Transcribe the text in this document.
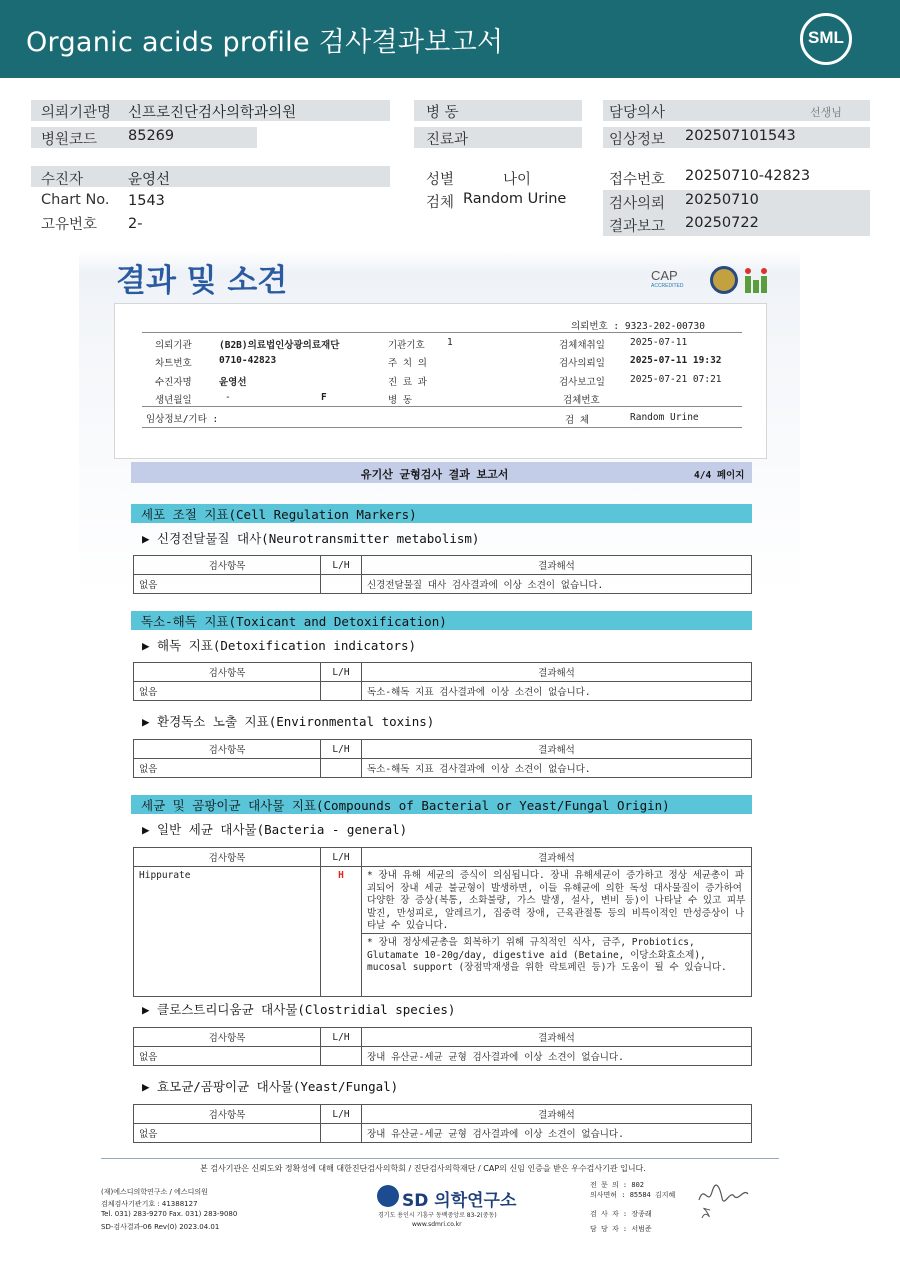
Organic acids profile 검사결과보고서	SML
의뢰기관명 신프로진단검사의학과의원
병원코드 85269
수진자	윤영선
Chart No. 1543
고유번호 2-
병 동
진료과
성별	나이
검체 Random Urine
담당의사	선생님
임상정보 202507101543
접수번호 20250710-42823
검사의뢰 20250710
결과보고 20250722
결과 및 소견	CAP
ACCREDITED
의뢰번호 : 9323-202-00730
의뢰기관	(B2B)의료법인상광의료재단	기관기호 1	검체채취일	2025-07-11
차트번호	0710-42823	주 치 의	검사의뢰일	2025-07-11 19:32
수진자명	윤영선	진 료 과	검사보고일	2025-07-21 07:21
생년월일	-	F	병 동	검체번호
임상정보/기타 :	검 체	Random Urine
유기산 균형검사 결과 보고서	4/4 페이지
세포 조절 지표(Cell Regulation Markers)
▶ 신경전달물질 대사(Neurotransmitter metabolism)
검사항목	L/H	결과해석
없음		신경전달물질 대사 검사결과에 이상 소견이 없습니다.
독소-해독 지표(Toxicant and Detoxification)
▶ 해독 지표(Detoxification indicators)
검사항목	L/H	결과해석
없음		독소-해독 지표 검사결과에 이상 소견이 없습니다.
▶ 환경독소 노출 지표(Environmental toxins)
검사항목	L/H	결과해석
없음		독소-해독 지표 검사결과에 이상 소견이 없습니다.
세균 및 곰팡이균 대사물 지표(Compounds of Bacterial or Yeast/Fungal Origin)
▶ 일반 세균 대사물(Bacteria - general)
검사항목	L/H	결과해석
Hippurate	H	* 장내 유해 세균의 증식이 의심됩니다. 장내 유해세균이 증가하고 정상 세균총이 파괴되어 장내 세균 불균형이 발생하면, 이들 유해균에 의한 독성 대사물질이 증가하여 다양한 장 증상(복통, 소화불량, 가스 발생, 설사, 변비 등)이 나타날 수 있고 피부발진, 만성피로, 알레르기, 집중력 장애, 근육관절통 등의 비특이적인 만성증상이 나타날 수 있습니다.
		* 장내 정상세균총을 회복하기 위해 규칙적인 식사, 금주, Probiotics, Glutamate 10-20g/day, digestive aid (Betaine, 이당소화효소제), mucosal support (장점막재생을 위한 락토페린 등)가 도움이 될 수 있습니다.
▶ 클로스트리디움균 대사물(Clostridial species)
검사항목	L/H	결과해석
없음		장내 유산균-세균 균형 검사결과에 이상 소견이 없습니다.
▶ 효모균/곰팡이균 대사물(Yeast/Fungal)
검사항목	L/H	결과해석
없음		장내 유산균-세균 균형 검사결과에 이상 소견이 없습니다.
본 검사기관은 신뢰도와 정확성에 대해 대한진단검사의학회 / 진단검사의학재단 / CAP의 신임 인증을 받은 우수검사기관 입니다.
(재)에스디의학연구소 / 에스디의원
검체검사기관기호 : 41388127
Tel. 031) 283-9270 Fax. 031) 283-9080
SD-검사결과-06 Rev(0) 2023.04.01
SD 의학연구소
경기도 용인시 기흥구 동백중앙로 83-2(중동)
www.sdmri.co.kr
전 문 의 : 802
의사면허 : 85584 김지혜
검 사 자 : 장종래
담 당 자 : 서범준
